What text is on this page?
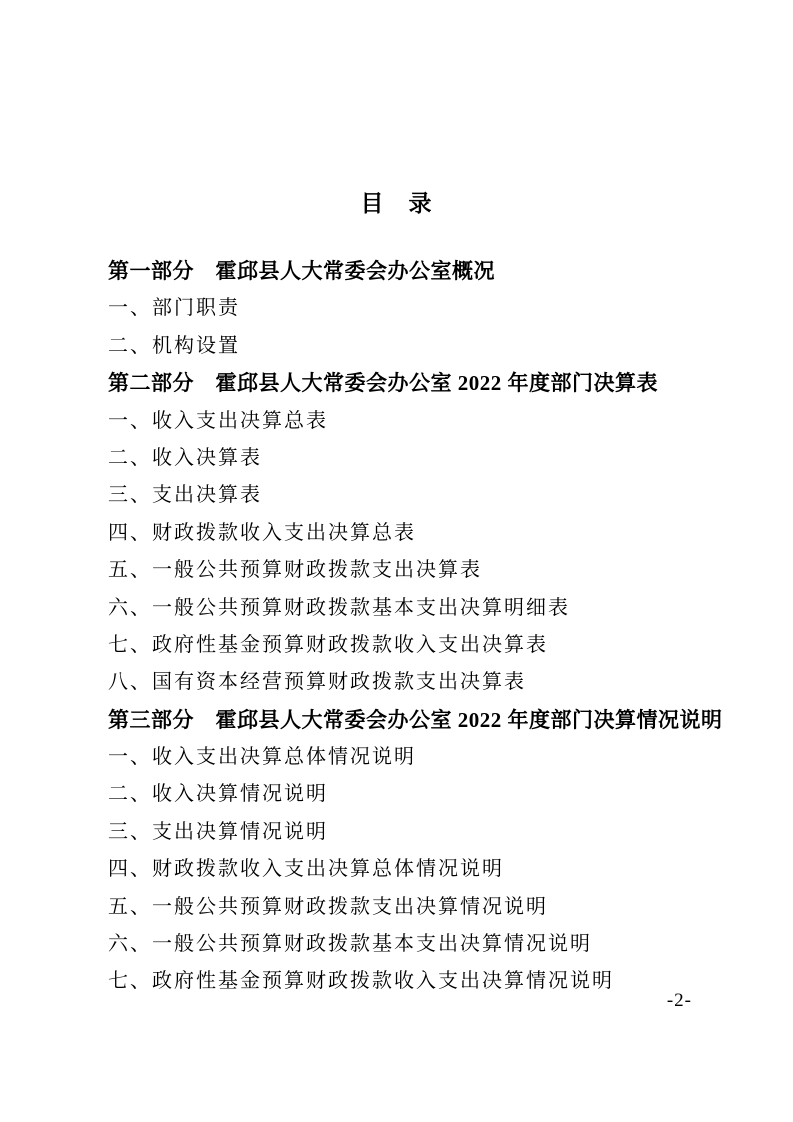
目　录
第一部分　霍邱县人大常委会办公室概况
一、部门职责
二、机构设置
第二部分　霍邱县人大常委会办公室 2022 年度部门决算表
一、收入支出决算总表
二、收入决算表
三、支出决算表
四、财政拨款收入支出决算总表
五、一般公共预算财政拨款支出决算表
六、一般公共预算财政拨款基本支出决算明细表
七、政府性基金预算财政拨款收入支出决算表
八、国有资本经营预算财政拨款支出决算表
第三部分　霍邱县人大常委会办公室 2022 年度部门决算情况说明
一、收入支出决算总体情况说明
二、收入决算情况说明
三、支出决算情况说明
四、财政拨款收入支出决算总体情况说明
五、一般公共预算财政拨款支出决算情况说明
六、一般公共预算财政拨款基本支出决算情况说明
七、政府性基金预算财政拨款收入支出决算情况说明
-2-
